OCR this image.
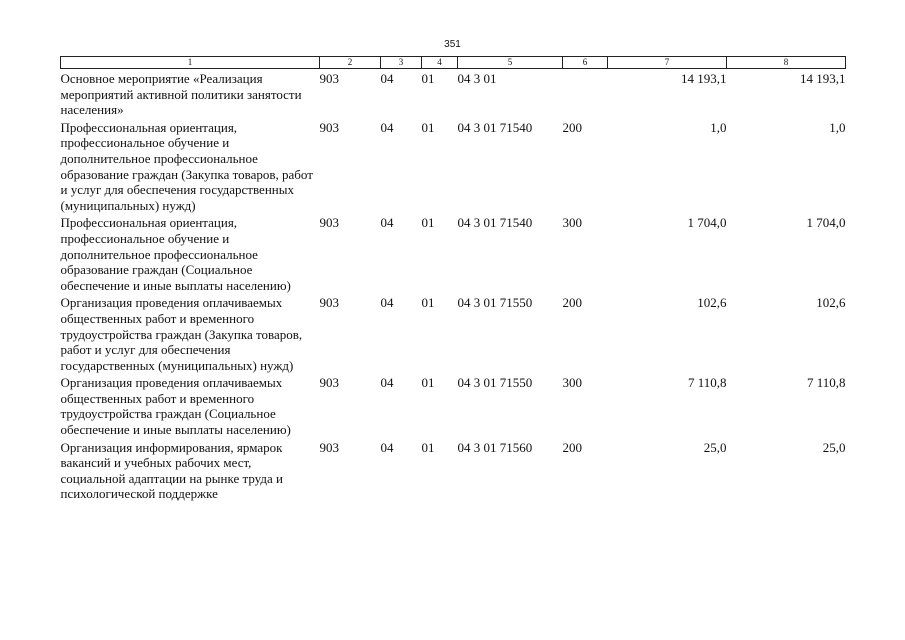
351
1	2	3	4	5	6	7	8
Основное мероприятие «Реализация мероприятий активной политики занятости населения»	903	04	01	04 3 01		14 193,1	14 193,1
Профессиональная ориентация, профессиональное обучение и дополнительное профессиональное образование граждан (Закупка товаров, работ и услуг для обеспечения государственных (муниципальных) нужд)	903	04	01	04 3 01 71540	200	1,0	1,0
Профессиональная ориентация, профессиональное обучение и дополнительное профессиональное образование граждан (Социальное обеспечение и иные выплаты населению)	903	04	01	04 3 01 71540	300	1 704,0	1 704,0
Организация проведения оплачиваемых общественных работ и временного трудоустройства граждан (Закупка товаров, работ и услуг для обеспечения государственных (муниципальных) нужд)	903	04	01	04 3 01 71550	200	102,6	102,6
Организация проведения оплачиваемых общественных работ и временного трудоустройства граждан (Социальное обеспечение и иные выплаты населению)	903	04	01	04 3 01 71550	300	7 110,8	7 110,8
Организация информирования, ярмарок вакансий и учебных рабочих мест, социальной адаптации на рынке труда и психологической поддержке	903	04	01	04 3 01 71560	200	25,0	25,0
